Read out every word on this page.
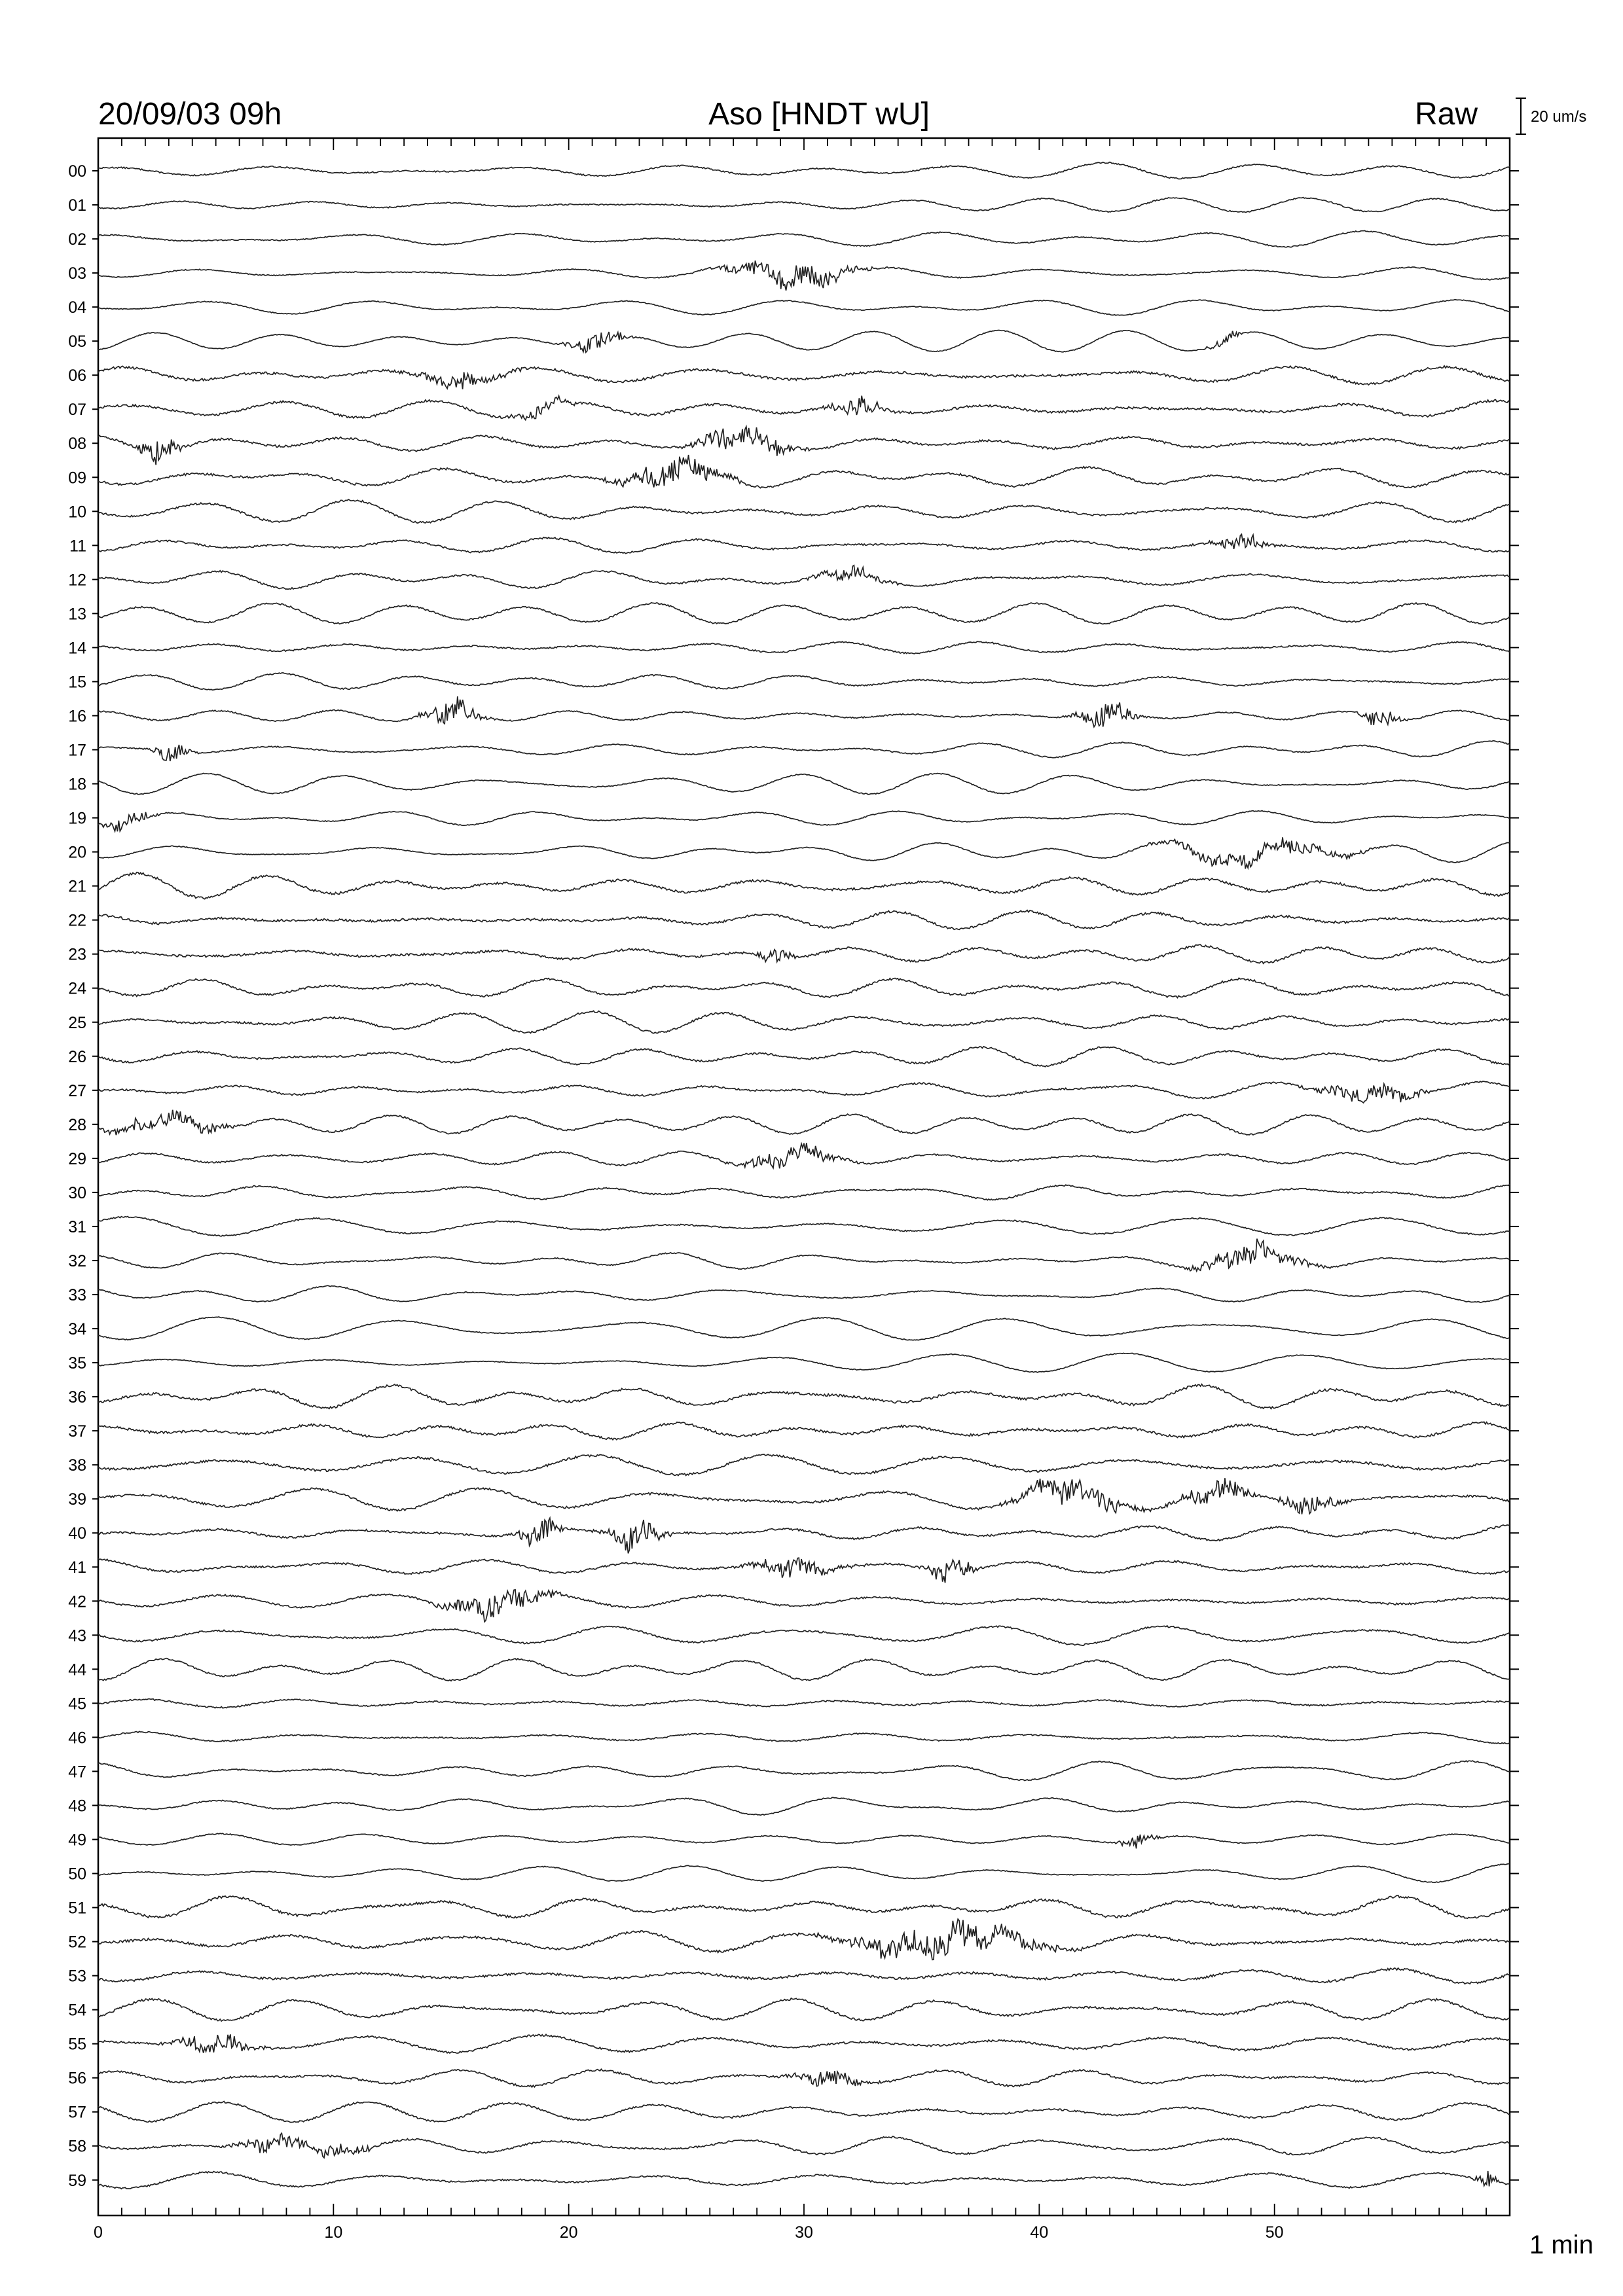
20/09/03 09h	Aso [HNDT wU]	Raw	20 um/s
00
01
02
03
04
05
06
07
08
09
10
11
12
13
14
15
16
17
18
19
20
21
22
23
24
25
26
27
28
29
30
31
32
33
34
35
36
37
38
39
40
41
42
43
44
45
46
47
48
49
50
51
52
53
54
55
56
57
58
59
0	10	20	30	40	50	1 min
